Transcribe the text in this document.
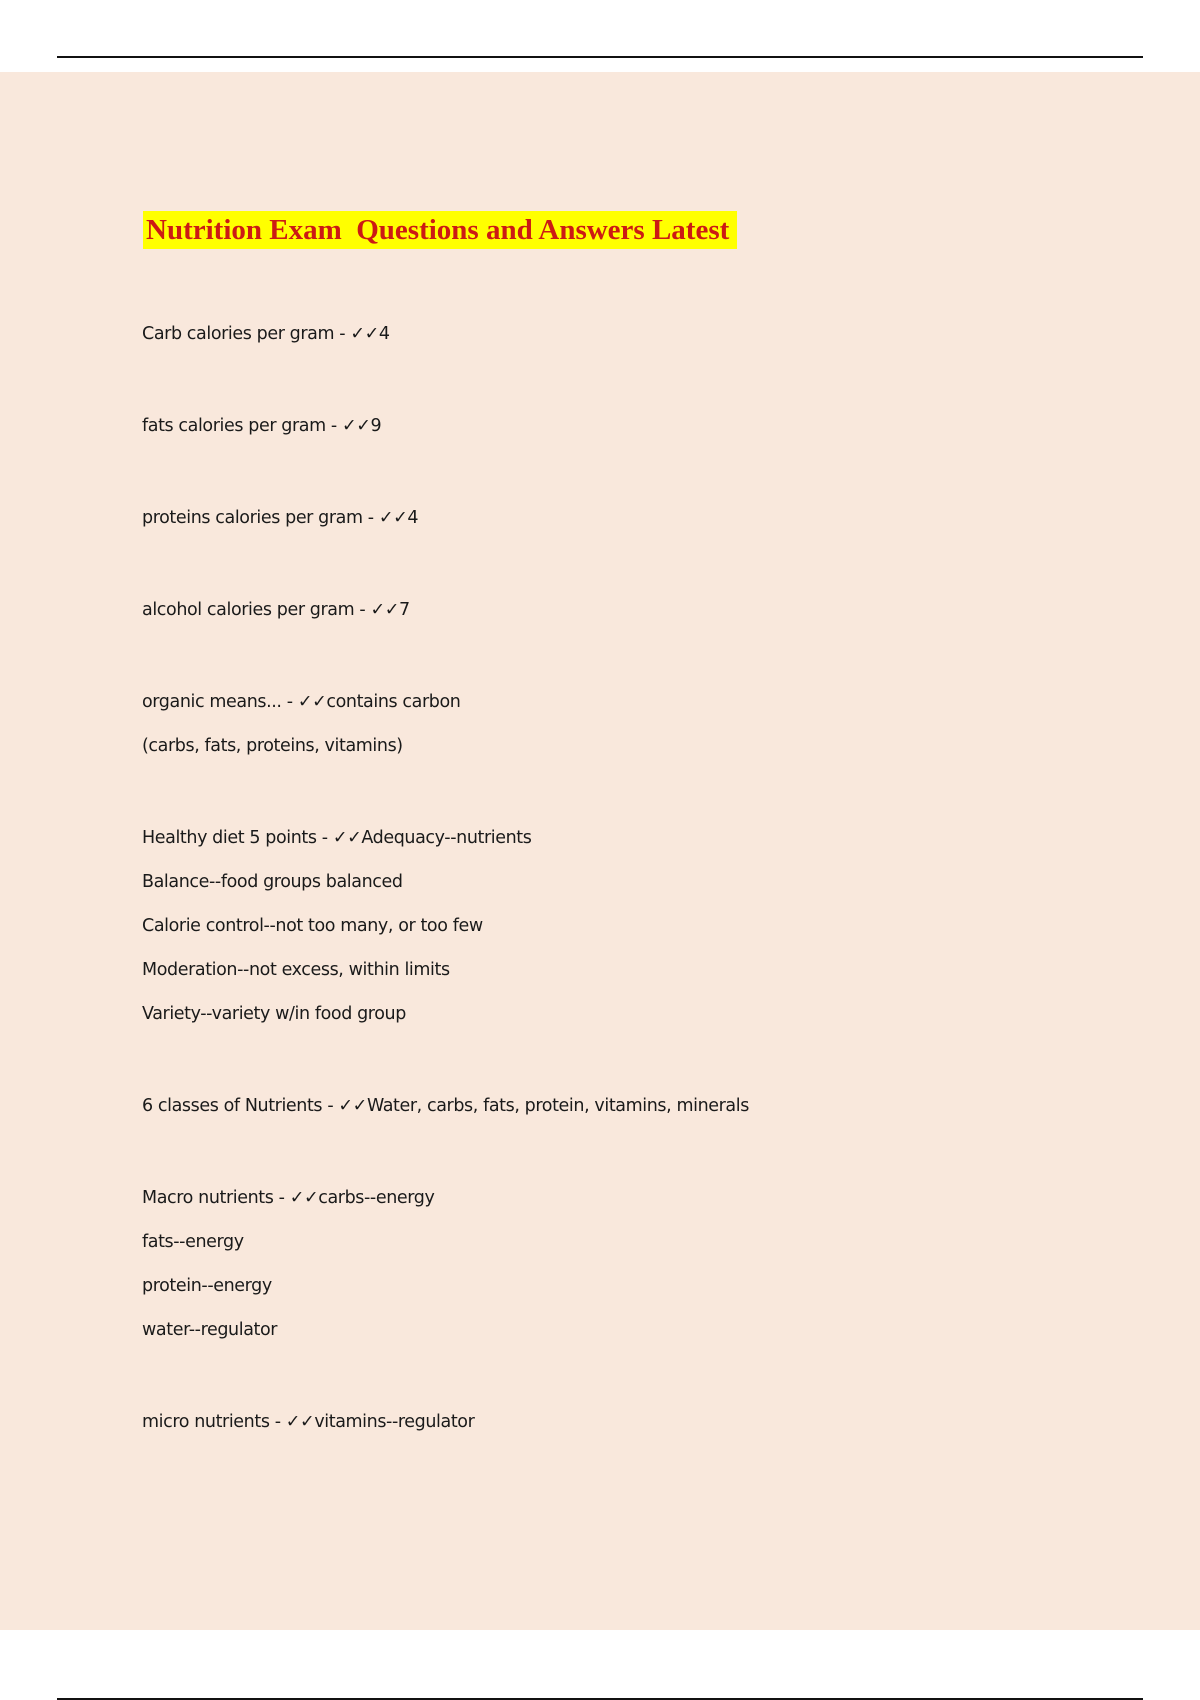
Nutrition Exam  Questions and Answers Latest
Carb calories per gram - ✓✓4
fats calories per gram - ✓✓9
proteins calories per gram - ✓✓4
alcohol calories per gram - ✓✓7
organic means... - ✓✓contains carbon
(carbs, fats, proteins, vitamins)
Healthy diet 5 points - ✓✓Adequacy--nutrients
Balance--food groups balanced
Calorie control--not too many, or too few
Moderation--not excess, within limits
Variety--variety w/in food group
6 classes of Nutrients - ✓✓Water, carbs, fats, protein, vitamins, minerals
Macro nutrients - ✓✓carbs--energy
fats--energy
protein--energy
water--regulator
micro nutrients - ✓✓vitamins--regulator
